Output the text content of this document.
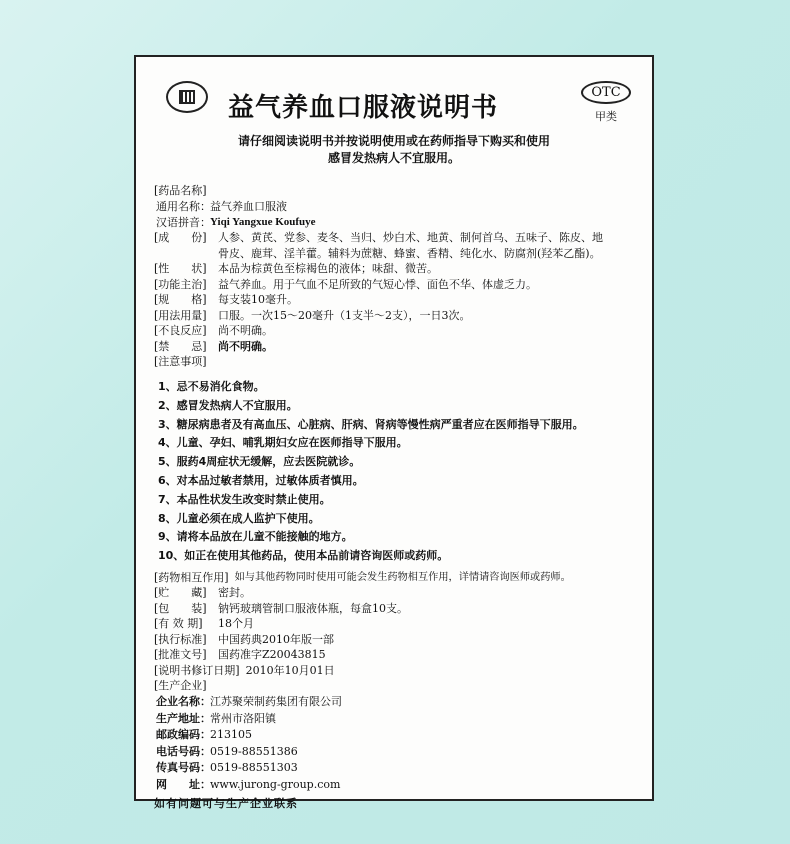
益气养血口服液说明书
OTC
甲类
请仔细阅读说明书并按说明使用或在药师指导下购买和使用
感冒发热病人不宜服用。
[药品名称]
通用名称： 益气养血口服液
汉语拼音： Yiqi Yangxue Koufuye
[成　　份]	人参、黄芪、党参、麦冬、当归、炒白术、地黄、制何首乌、五味子、陈皮、地
骨皮、鹿茸、淫羊藿。辅料为蔗糖、蜂蜜、香精、纯化水、防腐剂(羟苯乙酯)。
[性　　状]	本品为棕黄色至棕褐色的液体；味甜、微苦。
[功能主治]	益气养血。用于气血不足所致的气短心悸、面色不华、体虚乏力。
[规　　格]	每支装10毫升。
[用法用量]	口服。一次15～20毫升（1支半～2支），一日3次。
[不良反应]	尚不明确。
[禁　　忌]	尚不明确。
[注意事项]
1、忌不易消化食物。
2、感冒发热病人不宜服用。
3、糖尿病患者及有高血压、心脏病、肝病、肾病等慢性病严重者应在医师指导下服用。
4、儿童、孕妇、哺乳期妇女应在医师指导下服用。
5、服药4周症状无缓解，应去医院就诊。
6、对本品过敏者禁用，过敏体质者慎用。
7、本品性状发生改变时禁止使用。
8、儿童必须在成人监护下使用。
9、请将本品放在儿童不能接触的地方。
10、如正在使用其他药品，使用本品前请咨询医师或药师。
[药物相互作用] 如与其他药物同时使用可能会发生药物相互作用，详情请咨询医师或药师。
[贮　　藏]	密封。
[包　　装]	钠钙玻璃管制口服液体瓶，每盒10支。
[有 效 期]	18个月
[执行标准]	中国药典2010年版一部
[批准文号]	国药准字Z20043815
[说明书修订日期] 2010年10月01日
[生产企业]
企业名称： 江苏聚荣制药集团有限公司
生产地址： 常州市洛阳镇
邮政编码： 213105
电话号码： 0519-88551386
传真号码： 0519-88551303
网　　址： www.jurong-group.com
如有问题可与生产企业联系
